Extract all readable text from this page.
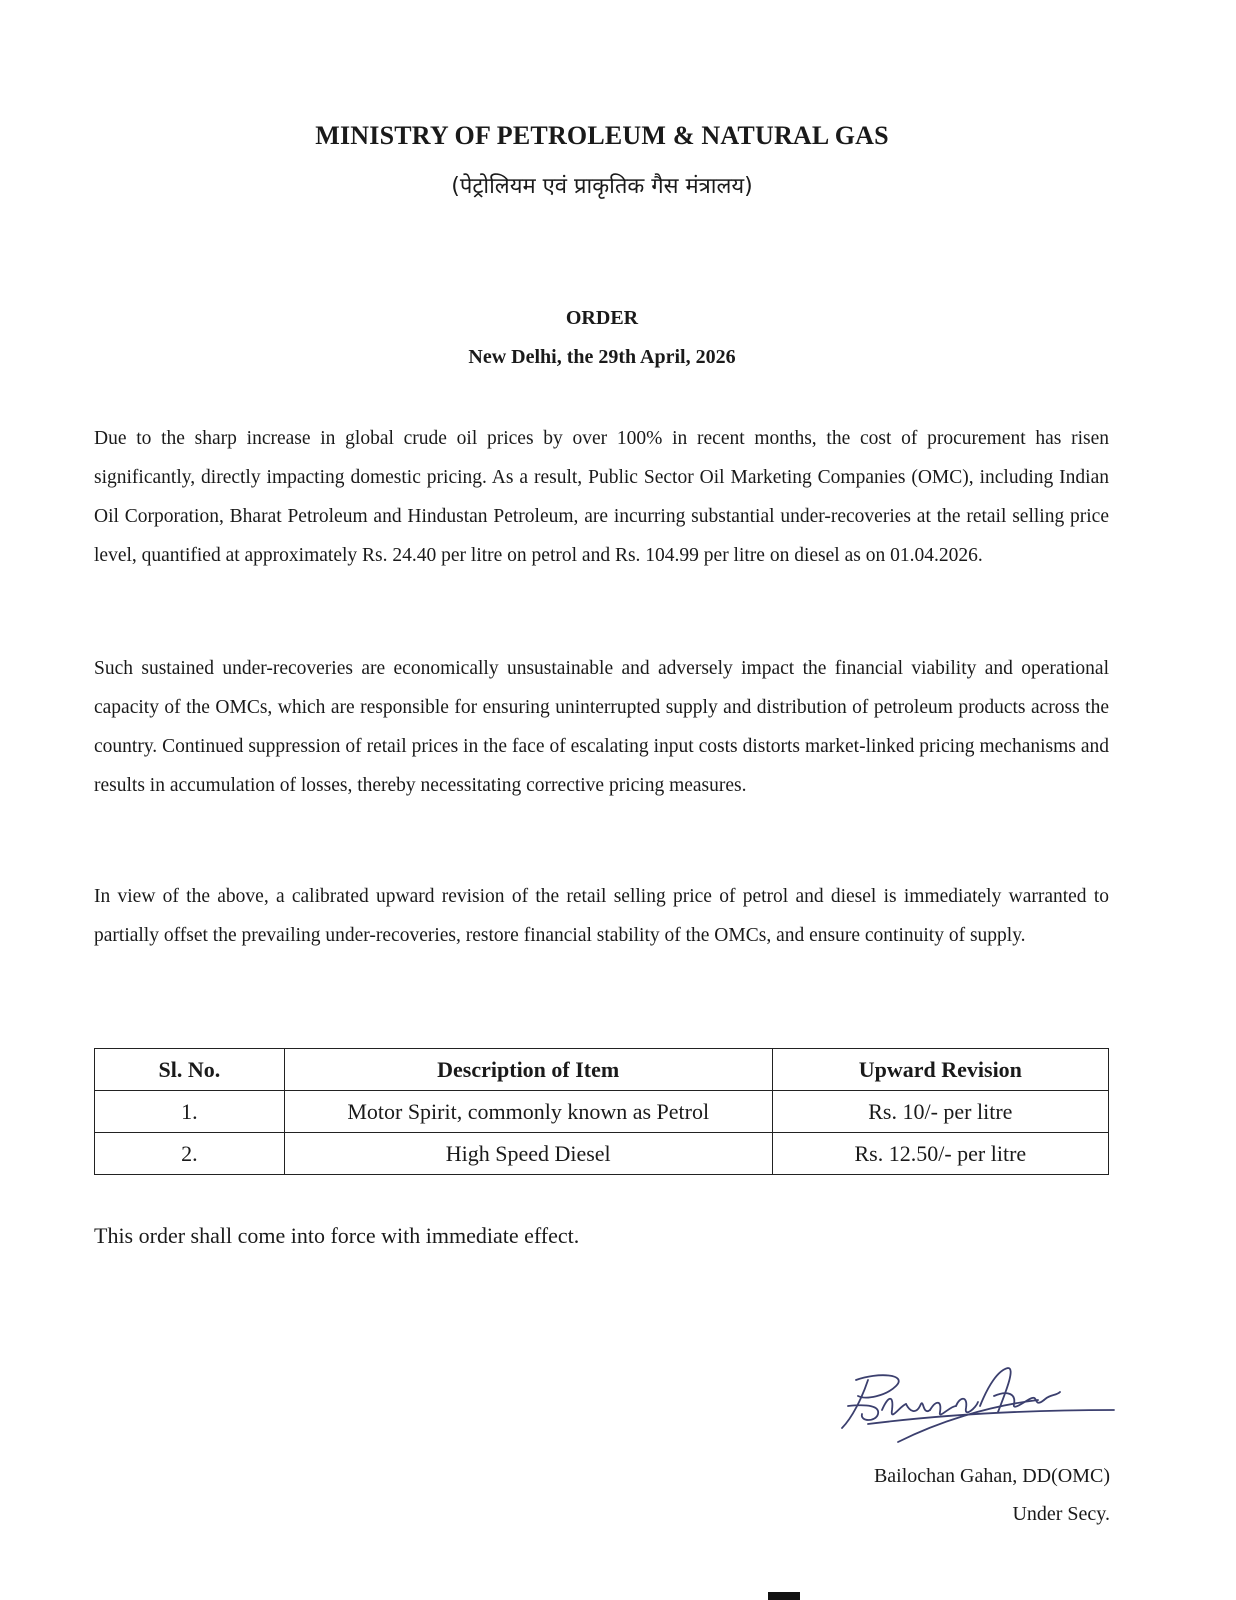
MINISTRY OF PETROLEUM & NATURAL GAS
(पेट्रोलियम एवं प्राकृतिक गैस मंत्रालय)
ORDER
New Delhi, the 29th April, 2026

Due to the sharp increase in global crude oil prices by over 100% in recent months, the cost of procurement has risen significantly, directly impacting domestic pricing. As a result, Public Sector Oil Marketing Companies (OMC), including Indian Oil Corporation, Bharat Petroleum and Hindustan Petroleum, are incurring substantial under-recoveries at the retail selling price level, quantified at approximately Rs. 24.40 per litre on petrol and Rs. 104.99 per litre on diesel as on 01.04.2026.

Such sustained under-recoveries are economically unsustainable and adversely impact the financial viability and operational capacity of the OMCs, which are responsible for ensuring uninterrupted supply and distribution of petroleum products across the country. Continued suppression of retail prices in the face of escalating input costs distorts market-linked pricing mechanisms and results in accumulation of losses, thereby necessitating corrective pricing measures.

In view of the above, a calibrated upward revision of the retail selling price of petrol and diesel is immediately warranted to partially offset the prevailing under-recoveries, restore financial stability of the OMCs, and ensure continuity of supply.

Sl. No.	Description of Item	Upward Revision
1.	Motor Spirit, commonly known as Petrol	Rs. 10/- per litre
2.	High Speed Diesel	Rs. 12.50/- per litre
This order shall come into force with immediate effect.
Bailochan Gahan, DD(OMC)
Under Secy.
